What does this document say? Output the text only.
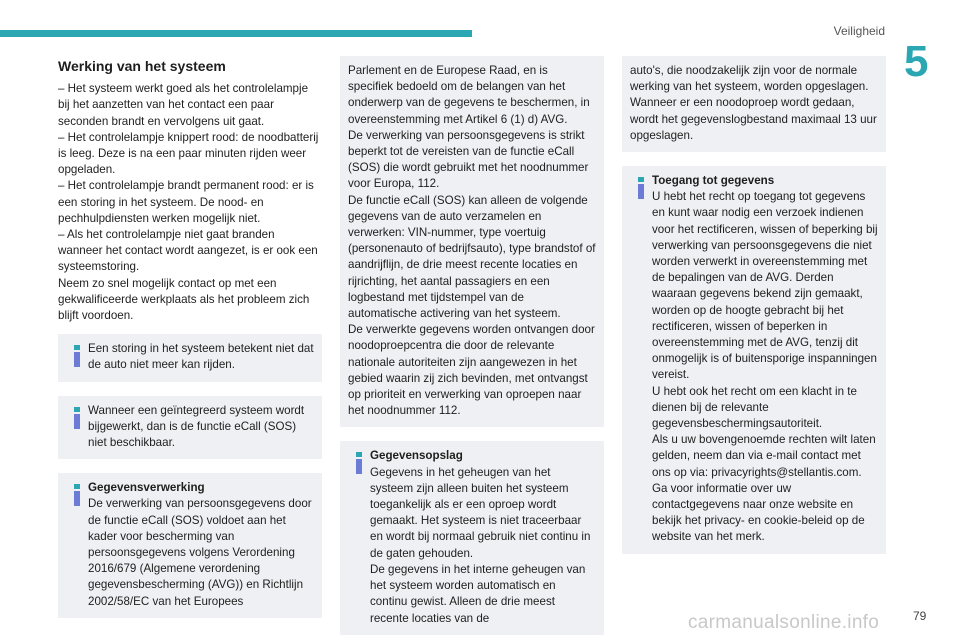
Veiligheid
5
Werking van het systeem
– Het systeem werkt goed als het controlelampje bij het aanzetten van het contact een paar seconden brandt en vervolgens uit gaat.
– Het controlelampje knippert rood: de noodbatterij is leeg. Deze is na een paar minuten rijden weer opgeladen.
– Het controlelampje brandt permanent rood: er is een storing in het systeem. De nood- en pechhulpdiensten werken mogelijk niet.
– Als het controlelampje niet gaat branden wanneer het contact wordt aangezet, is er ook een systeemstoring.
Neem zo snel mogelijk contact op met een gekwalificeerde werkplaats als het probleem zich blijft voordoen.
Een storing in het systeem betekent niet dat de auto niet meer kan rijden.
Wanneer een geïntegreerd systeem wordt bijgewerkt, dan is de functie eCall (SOS) niet beschikbaar.
Gegevensverwerking
De verwerking van persoonsgegevens door de functie eCall (SOS) voldoet aan het kader voor bescherming van persoonsgegevens volgens Verordening 2016/679 (Algemene verordening gegevensbescherming (AVG)) en Richtlijn 2002/58/EC van het Europees
Parlement en de Europese Raad, en is specifiek bedoeld om de belangen van het onderwerp van de gegevens te beschermen, in overeenstemming met Artikel 6 (1) d) AVG.
De verwerking van persoonsgegevens is strikt beperkt tot de vereisten van de functie eCall (SOS) die wordt gebruikt met het noodnummer voor Europa, 112.
De functie eCall (SOS) kan alleen de volgende gegevens van de auto verzamelen en verwerken: VIN-nummer, type voertuig (personenauto of bedrijfsauto), type brandstof of aandrijflijn, de drie meest recente locaties en rijrichting, het aantal passagiers en een logbestand met tijdstempel van de automatische activering van het systeem.
De verwerkte gegevens worden ontvangen door noodoproepcentra die door de relevante nationale autoriteiten zijn aangewezen in het gebied waarin zij zich bevinden, met ontvangst op prioriteit en verwerking van oproepen naar het noodnummer 112.
Gegevensopslag
Gegevens in het geheugen van het systeem zijn alleen buiten het systeem toegankelijk als er een oproep wordt gemaakt. Het systeem is niet traceerbaar en wordt bij normaal gebruik niet continu in de gaten gehouden.
De gegevens in het interne geheugen van het systeem worden automatisch en continu gewist. Alleen de drie meest recente locaties van de
auto's, die noodzakelijk zijn voor de normale werking van het systeem, worden opgeslagen. Wanneer er een noodoproep wordt gedaan, wordt het gegevenslogbestand maximaal 13 uur opgeslagen.
Toegang tot gegevens
U hebt het recht op toegang tot gegevens en kunt waar nodig een verzoek indienen voor het rectificeren, wissen of beperking bij verwerking van persoonsgegevens die niet worden verwerkt in overeenstemming met de bepalingen van de AVG. Derden waaraan gegevens bekend zijn gemaakt, worden op de hoogte gebracht bij het rectificeren, wissen of beperken in overeenstemming met de AVG, tenzij dit onmogelijk is of buitensporige inspanningen vereist.
U hebt ook het recht om een klacht in te dienen bij de relevante gegevensbeschermingsautoriteit.
Als u uw bovengenoemde rechten wilt laten gelden, neem dan via e-mail contact met ons op via: privacyrights@stellantis.com.
Ga voor informatie over uw contactgegevens naar onze website en bekijk het privacy- en cookie-beleid op de website van het merk.
carmanualsonline.info	79
